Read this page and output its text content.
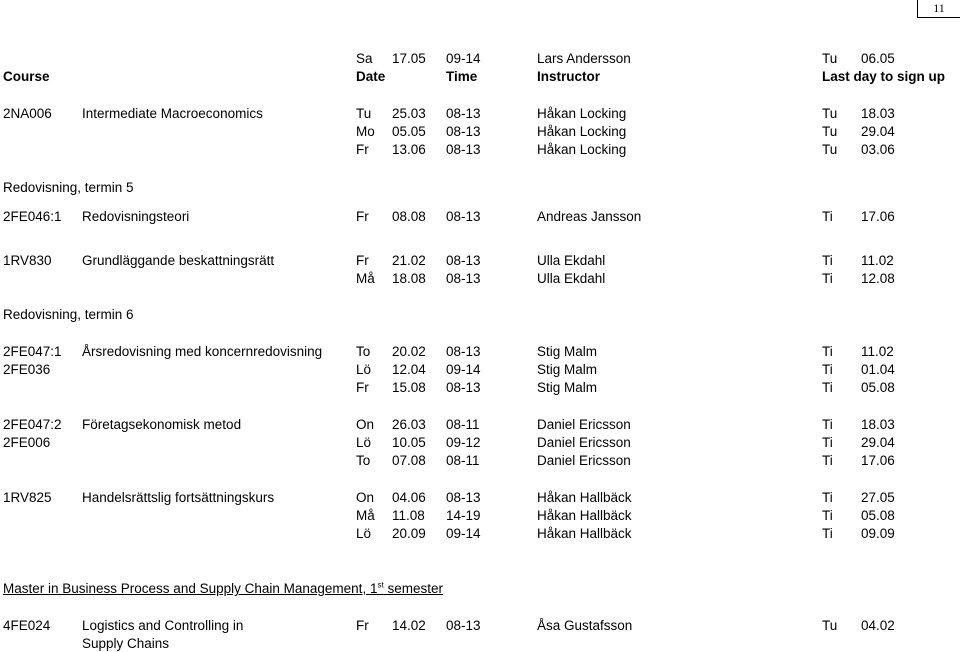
11
Sa 17.05 09-14	Lars Andersson	Tu 06.05
Course	Date	Time	Instructor	Last day to sign up
Redovisning, termin 5
Redovisning, termin 6
Master in Business Process and Supply Chain Management, 1st semester
2NA006 Intermediate Macroeconomics	Tu 25.03 08-13	Håkan Locking	Tu 18.03
Mo 05.05 08-13	Håkan Locking	Tu 29.04
Fr 13.06 08-13	Håkan Locking	Tu 03.06
2FE046:1 Redovisningsteori	Fr 08.08 08-13	Andreas Jansson	Ti 17.06
1RV830 Grundläggande beskattningsrätt	Fr 21.02 08-13	Ulla Ekdahl	Ti 11.02
Må 18.08 08-13	Ulla Ekdahl	Ti 12.08
2FE047:1 Årsredovisning med koncernredovisning	To 20.02 08-13	Stig Malm	Ti 11.02
2FE036	Lö 12.04 09-14	Stig Malm	Ti 01.04
Fr 15.08 08-13	Stig Malm	Ti 05.08
2FE047:2 Företagsekonomisk metod	On 26.03 08-11	Daniel Ericsson	Ti 18.03
2FE006	Lö 10.05 09-12	Daniel Ericsson	Ti 29.04
To 07.08 08-11	Daniel Ericsson	Ti 17.06
1RV825 Handelsrättslig fortsättningskurs	On 04.06 08-13	Håkan Hallbäck	Ti 27.05
Må 11.08 14-19	Håkan Hallbäck	Ti 05.08
Lö 20.09 09-14	Håkan Hallbäck	Ti 09.09
4FE024 Logistics and Controlling in	Fr 14.02 08-13	Åsa Gustafsson	Tu 04.02
Supply Chains
